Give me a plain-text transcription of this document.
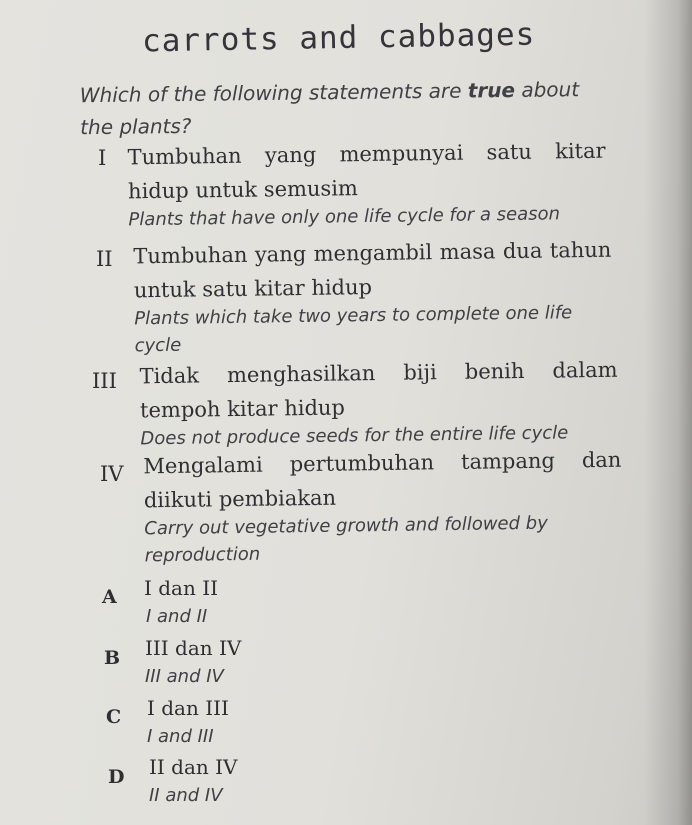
carrots and cabbages
Which of the following statements are true about the plants?
I Tumbuhan yang mempunyai satu kitar hidup untuk semusim
Plants that have only one life cycle for a season
II Tumbuhan yang mengambil masa dua tahun untuk satu kitar hidup
Plants which take two years to complete one life cycle
III Tidak menghasilkan biji benih dalam tempoh kitar hidup
Does not produce seeds for the entire life cycle
IV Mengalami pertumbuhan tampang dan diikuti pembiakan
Carry out vegetative growth and followed by reproduction
A I dan II
I and II
B III dan IV
III and IV
C I dan III
I and III
D II dan IV
II and IV
